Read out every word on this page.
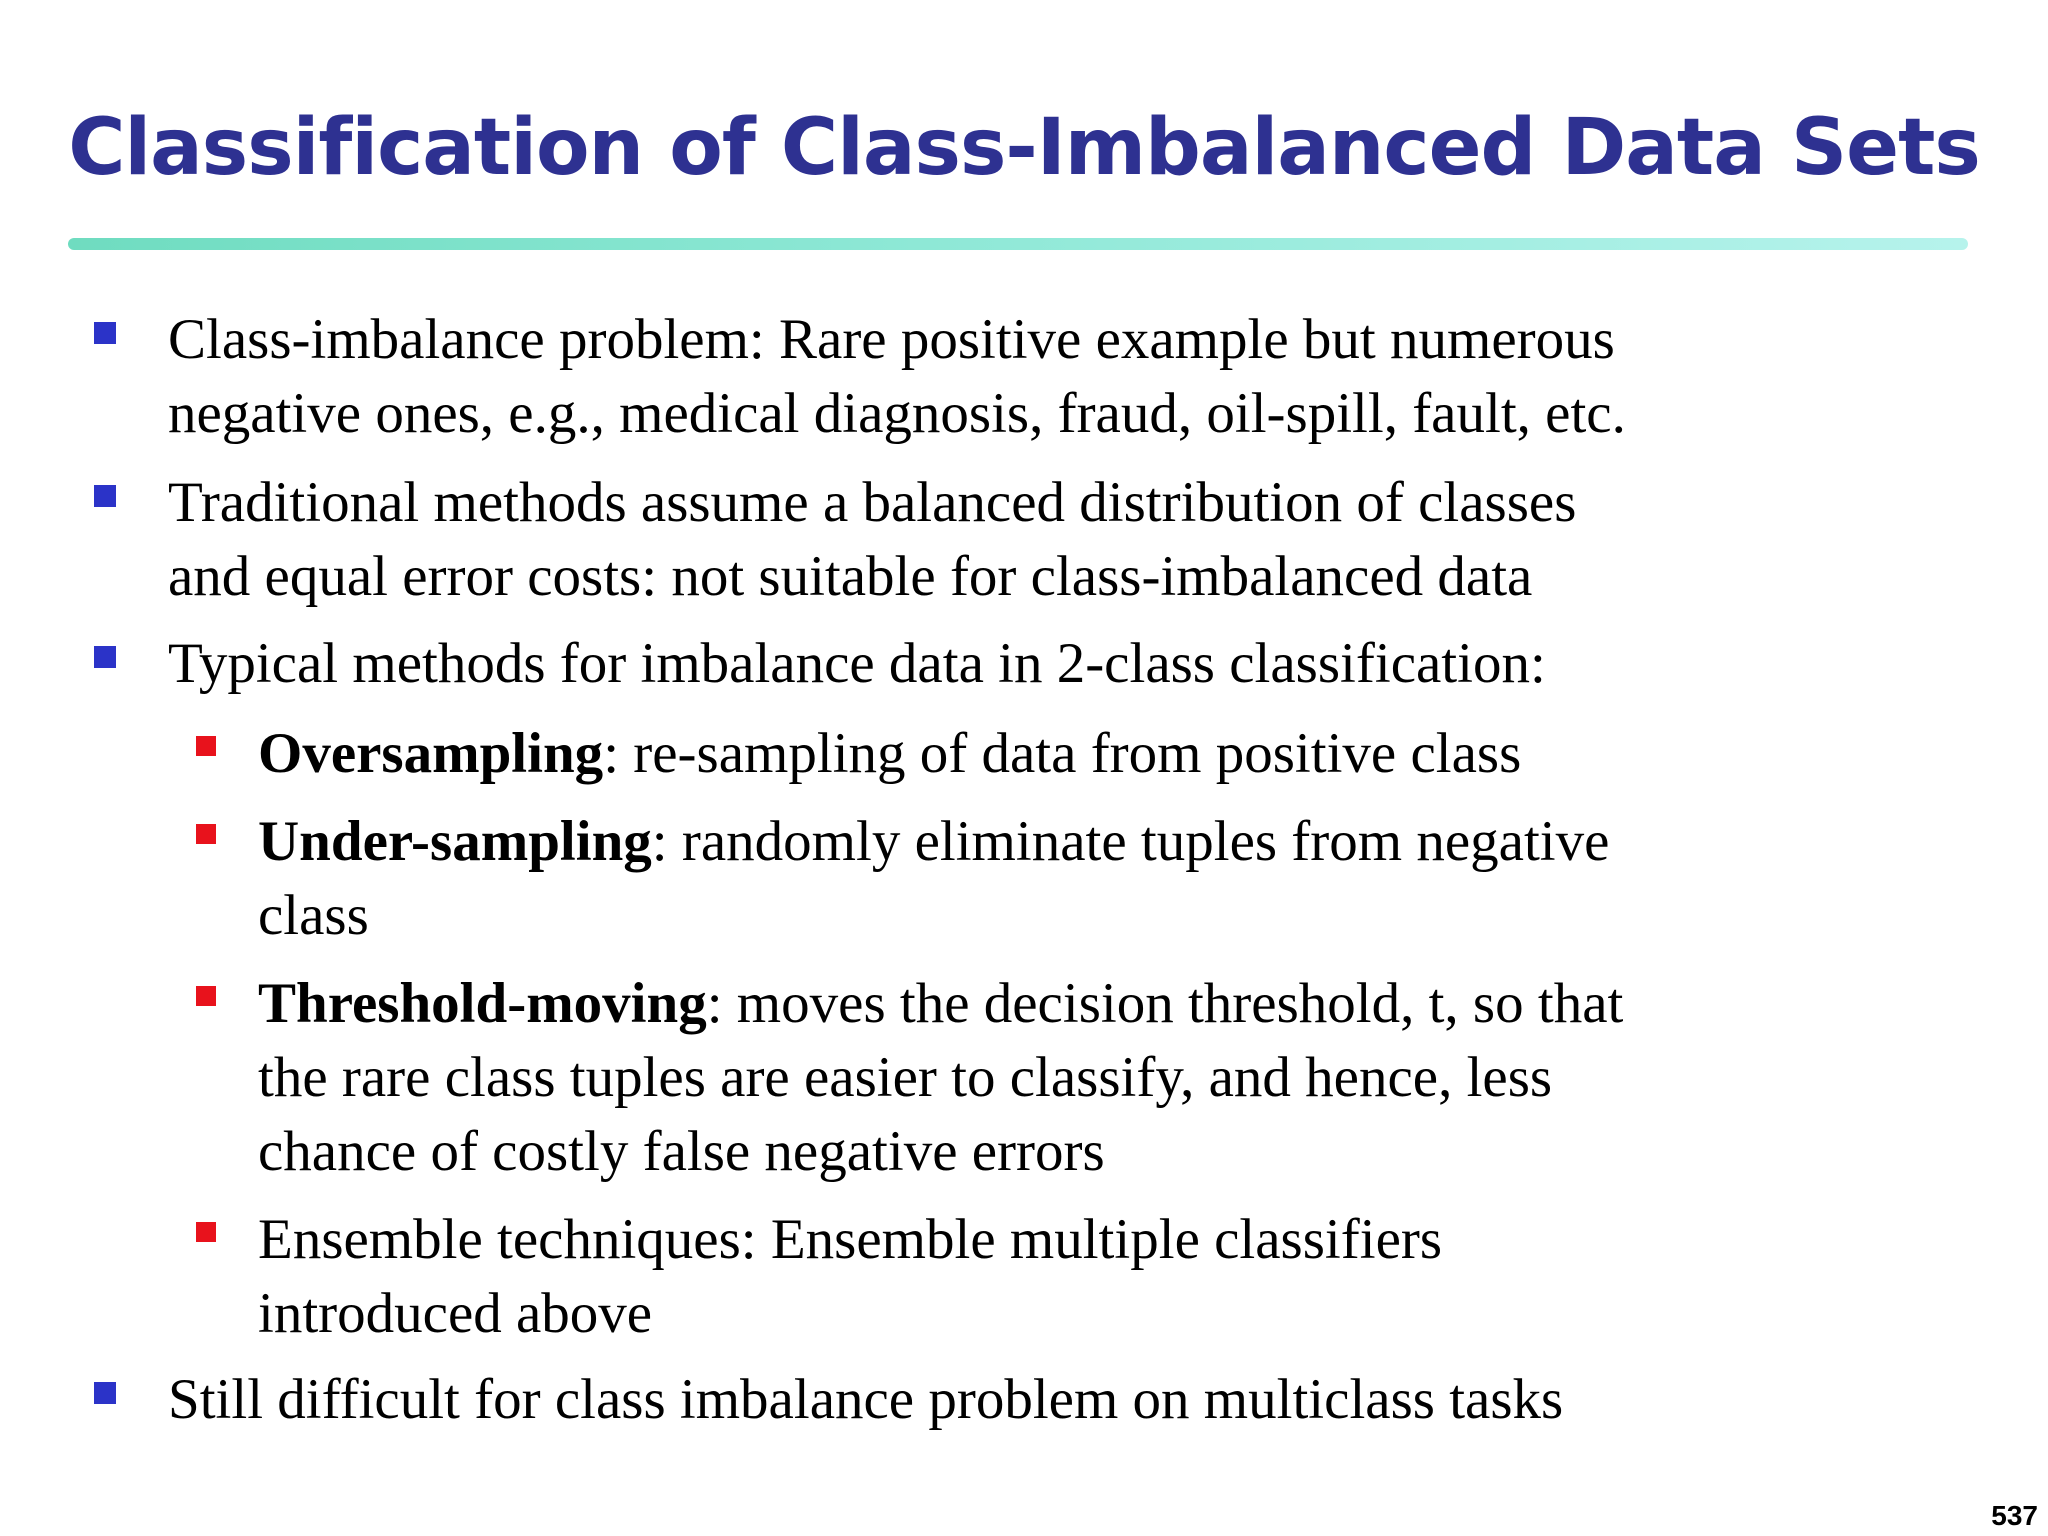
Classification of Class-Imbalanced Data Sets
Class-imbalance problem: Rare positive example but numerous
negative ones, e.g., medical diagnosis, fraud, oil-spill, fault, etc.
Traditional methods assume a balanced distribution of classes
and equal error costs: not suitable for class-imbalanced data
Typical methods for imbalance data in 2-class classification:
Oversampling: re-sampling of data from positive class
Under-sampling: randomly eliminate tuples from negative
class
Threshold-moving: moves the decision threshold, t, so that
the rare class tuples are easier to classify, and hence, less
chance of costly false negative errors
Ensemble techniques: Ensemble multiple classifiers
introduced above
Still difficult for class imbalance problem on multiclass tasks
537
